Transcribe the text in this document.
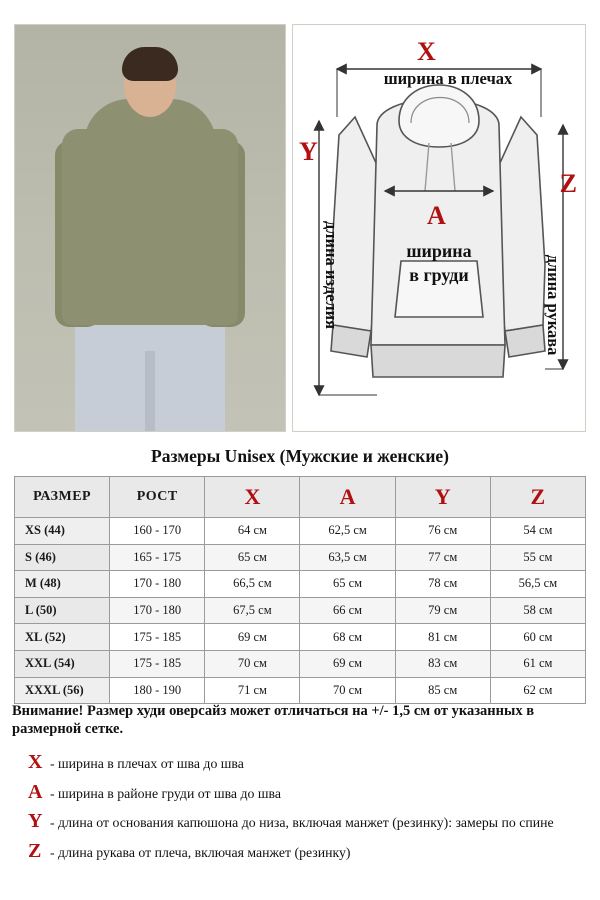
X
ширина в плечах
Y
длина изделия
Z
длина рукава
A
ширина
в груди
Размеры Unisex (Мужские и женские)
РАЗМЕР	РОСТ	X	A	Y	Z
XS (44)	160 - 170	64 см	62,5 см	76 см	54 см
S (46)	165 - 175	65 см	63,5 см	77 см	55 см
M (48)	170 - 180	66,5 см	65 см	78 см	56,5 см
L (50)	170 - 180	67,5 см	66 см	79 см	58 см
XL (52)	175 - 185	69 см	68 см	81 см	60 см
XXL (54)	175 - 185	70 см	69 см	83 см	61 см
XXXL (56)	180 - 190	71 см	70 см	85 см	62 см
Внимание! Размер худи оверсайз может отличаться на +/- 1,5 см от указанных в размерной сетке.
X - ширина в плечах от шва до шва
A - ширина в районе груди от шва до шва
Y - длина от основания капюшона до низа, включая манжет (резинку): замеры по спине
Z - длина рукава от плеча, включая манжет (резинку)
